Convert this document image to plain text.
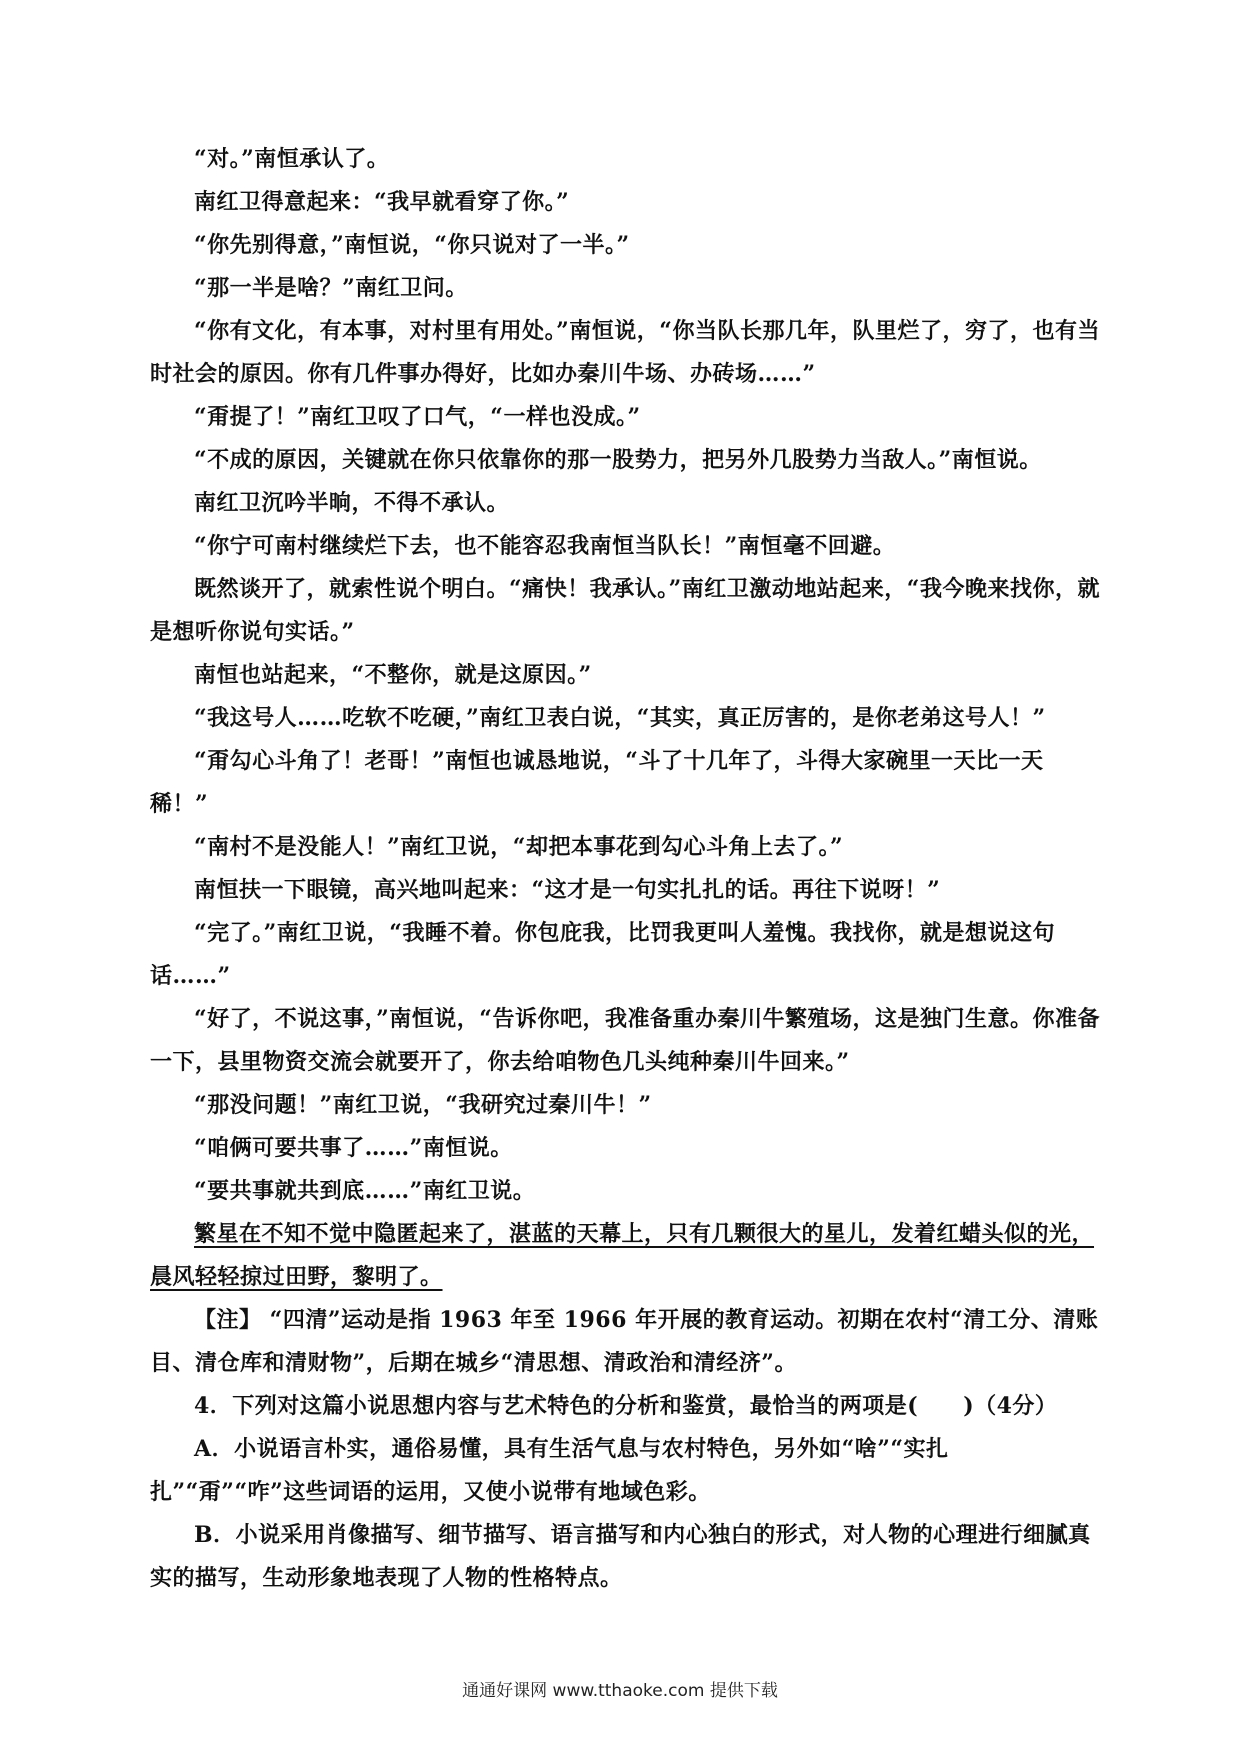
“对。”南恒承认了。

南红卫得意起来：“我早就看穿了你。”

“你先别得意，”南恒说，“你只说对了一半。”

“那一半是啥？”南红卫问。

“你有文化，有本事，对村里有用处。”南恒说，“你当队长那几年，队里烂了，穷了，也有当时社会的原因。你有几件事办得好，比如办秦川牛场、办砖场……”

“甭提了！”南红卫叹了口气，“一样也没成。”

“不成的原因，关键就在你只依靠你的那一股势力，把另外几股势力当敌人。”南恒说。

南红卫沉吟半晌，不得不承认。

“你宁可南村继续烂下去，也不能容忍我南恒当队长！”南恒毫不回避。

既然谈开了，就索性说个明白。“痛快！我承认。”南红卫激动地站起来，“我今晚来找你，就是想听你说句实话。”

南恒也站起来，“不整你，就是这原因。”

“我这号人……吃软不吃硬，”南红卫表白说，“其实，真正厉害的，是你老弟这号人！”

“甭勾心斗角了！老哥！”南恒也诚恳地说，“斗了十几年了，斗得大家碗里一天比一天稀！”

“南村不是没能人！”南红卫说，“却把本事花到勾心斗角上去了。”

南恒扶一下眼镜，高兴地叫起来：“这才是一句实扎扎的话。再往下说呀！”

“完了。”南红卫说，“我睡不着。你包庇我，比罚我更叫人羞愧。我找你，就是想说这句话……”

“好了，不说这事，”南恒说，“告诉你吧，我准备重办秦川牛繁殖场，这是独门生意。你准备一下，县里物资交流会就要开了，你去给咱物色几头纯种秦川牛回来。”

“那没问题！”南红卫说，“我研究过秦川牛！”

“咱俩可要共事了……”南恒说。

“要共事就共到底……”南红卫说。

繁星在不知不觉中隐匿起来了，湛蓝的天幕上，只有几颗很大的星儿，发着红蜡头似的光，晨风轻轻掠过田野，黎明了。

【注】 “四清”运动是指 1963 年至 1966 年开展的教育运动。初期在农村“清工分、清账目、清仓库和清财物”，后期在城乡“清思想、清政治和清经济”。

4．下列对这篇小说思想内容与艺术特色的分析和鉴赏，最恰当的两项是(　　)（4分）

A．小说语言朴实，通俗易懂，具有生活气息与农村特色，另外如“啥”“实扎扎”“甭”“咋”这些词语的运用，又使小说带有地域色彩。

B．小说采用肖像描写、细节描写、语言描写和内心独白的形式，对人物的心理进行细腻真实的描写，生动形象地表现了人物的性格特点。

通通好课网 www.tthaoke.com 提供下载
